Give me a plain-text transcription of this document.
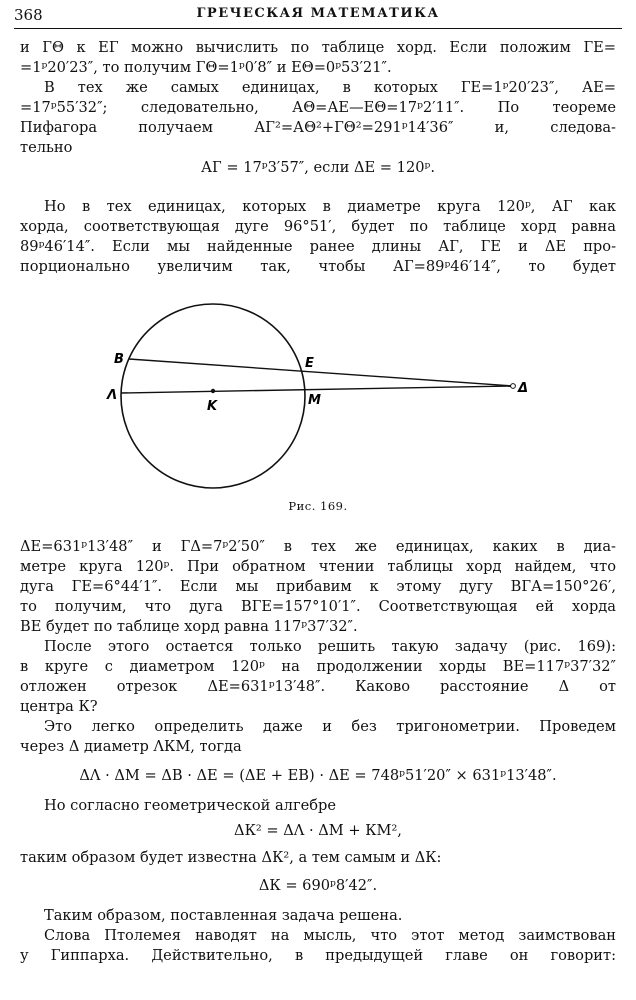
368	ГРЕЧЕСКАЯ МАТЕМАТИКА
и ГΘ к ЕГ можно вычислить по таблице хорд. Если положим ГЕ=
=1ᵖ20′23″, то получим ГΘ=1ᵖ0′8″ и ЕΘ=0ᵖ53′21″.
В тех же самых единицах, в которых ГЕ=1ᵖ20′23″, АЕ=
=17ᵖ55′32″; следовательно, АΘ=АЕ—ЕΘ=17ᵖ2′11″. По теореме
Пифагора получаем АГ²=АΘ²+ГΘ²=291ᵖ14′36″ и, следова-
тельно
АГ = 17ᵖ3′57″, если ΔЕ = 120ᵖ.
Но в тех единицах, которых в диаметре круга 120ᵖ, АГ как
хорда, соответствующая дуге 96°51′, будет по таблице хорд равна
89ᵖ46′14″. Если мы найденные ранее длины АГ, ГЕ и ΔЕ про-
порционально увеличим так, чтобы АГ=89ᵖ46′14″, то будет
B	E
Λ
K	M
Δ
Рис. 169.
ΔЕ=631ᵖ13′48″ и ГΔ=7ᵖ2′50″ в тех же единицах, каких в диа-
метре круга 120ᵖ. При обратном чтении таблицы хорд найдем, что
дуга ГЕ=6°44′1″. Если мы прибавим к этому дугу ВГА=150°26′,
то получим, что дуга ВГЕ=157°10′1″. Соответствующая ей хорда
ВЕ будет по таблице хорд равна 117ᵖ37′32″.
После этого остается только решить такую задачу (рис. 169):
в круге с диаметром 120ᵖ на продолжении хорды ВЕ=117ᵖ37′32″
отложен отрезок ΔЕ=631ᵖ13′48″. Каково расстояние Δ от
центра К?
Это легко определить даже и без тригонометрии. Проведем
через Δ диаметр ΛКМ, тогда
ΔΛ · ΔМ = ΔВ · ΔЕ = (ΔЕ + ЕВ) · ΔЕ = 748ᵖ51′20″ × 631ᵖ13′48″.
Но согласно геометрической алгебре
ΔК² = ΔΛ · ΔМ + КМ²,
таким образом будет известна ΔК², а тем самым и ΔК:
ΔК = 690ᵖ8′42″.
Таким образом, поставленная задача решена.
Слова Птолемея наводят на мысль, что этот метод заимствован
у Гиппарха. Действительно, в предыдущей главе он говорит:
